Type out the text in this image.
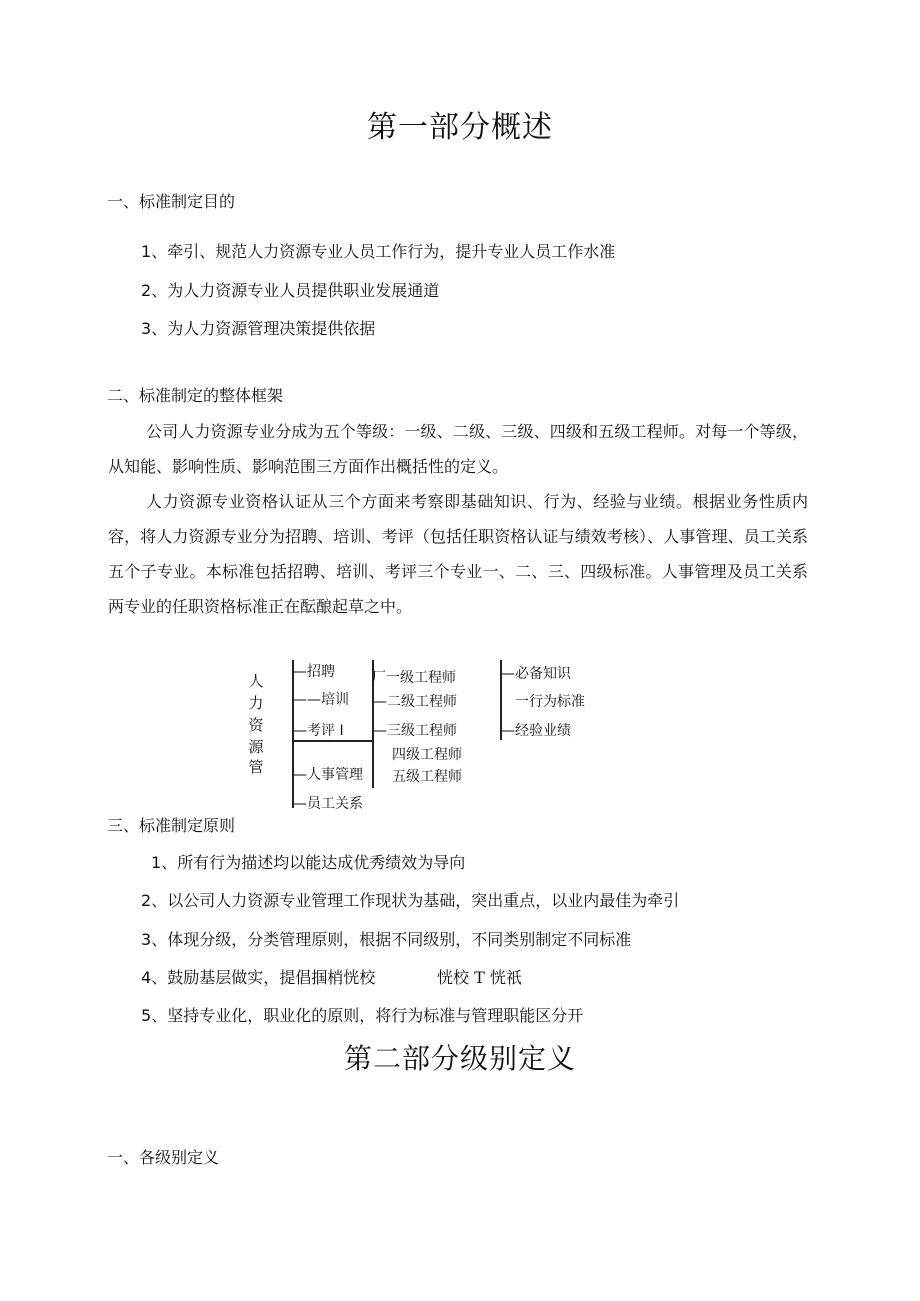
第一部分概述
一、标准制定目的
1、牵引、规范人力资源专业人员工作行为，提升专业人员工作水准
2、为人力资源专业人员提供职业发展通道
3、为人力资源管理决策提供依据
二、标准制定的整体框架

公司人力资源专业分成为五个等级：一级、二级、三级、四级和五级工程师。对每一个等级，从知能、影响性质、影响范围三方面作出概括性的定义。

人力资源专业资格认证从三个方面来考察即基础知识、行为、经验与业绩。根据业务性质内容，将人力资源专业分为招聘、培训、考评（包括任职资格认证与绩效考核）、人事管理、员工关系五个子专业。本标准包括招聘、培训、考评三个专业一、二、三、四级标准。人事管理及员工关系两专业的任职资格标准正在酝酿起草之中。

人
力
资
源
管
—招聘
——培训
—考评 I
—人事管理
—员工关系
厂一级工程师
—二级工程师
—三级工程师
四级工程师
五级工程师
—必备知识
一行为标准
—经验业绩
三、标准制定原则
1、所有行为描述均以能达成优秀绩效为导向
2、以公司人力资源专业管理工作现状为基础，突出重点，以业内最佳为牵引
3、体现分级，分类管理原则，根据不同级别，不同类别制定不同标准
4、鼓励基层做实，提倡掴梢恍校	恍校 T 恍祇
5、坚持专业化，职业化的原则，将行为标准与管理职能区分开
第二部分级别定义
一、各级别定义
